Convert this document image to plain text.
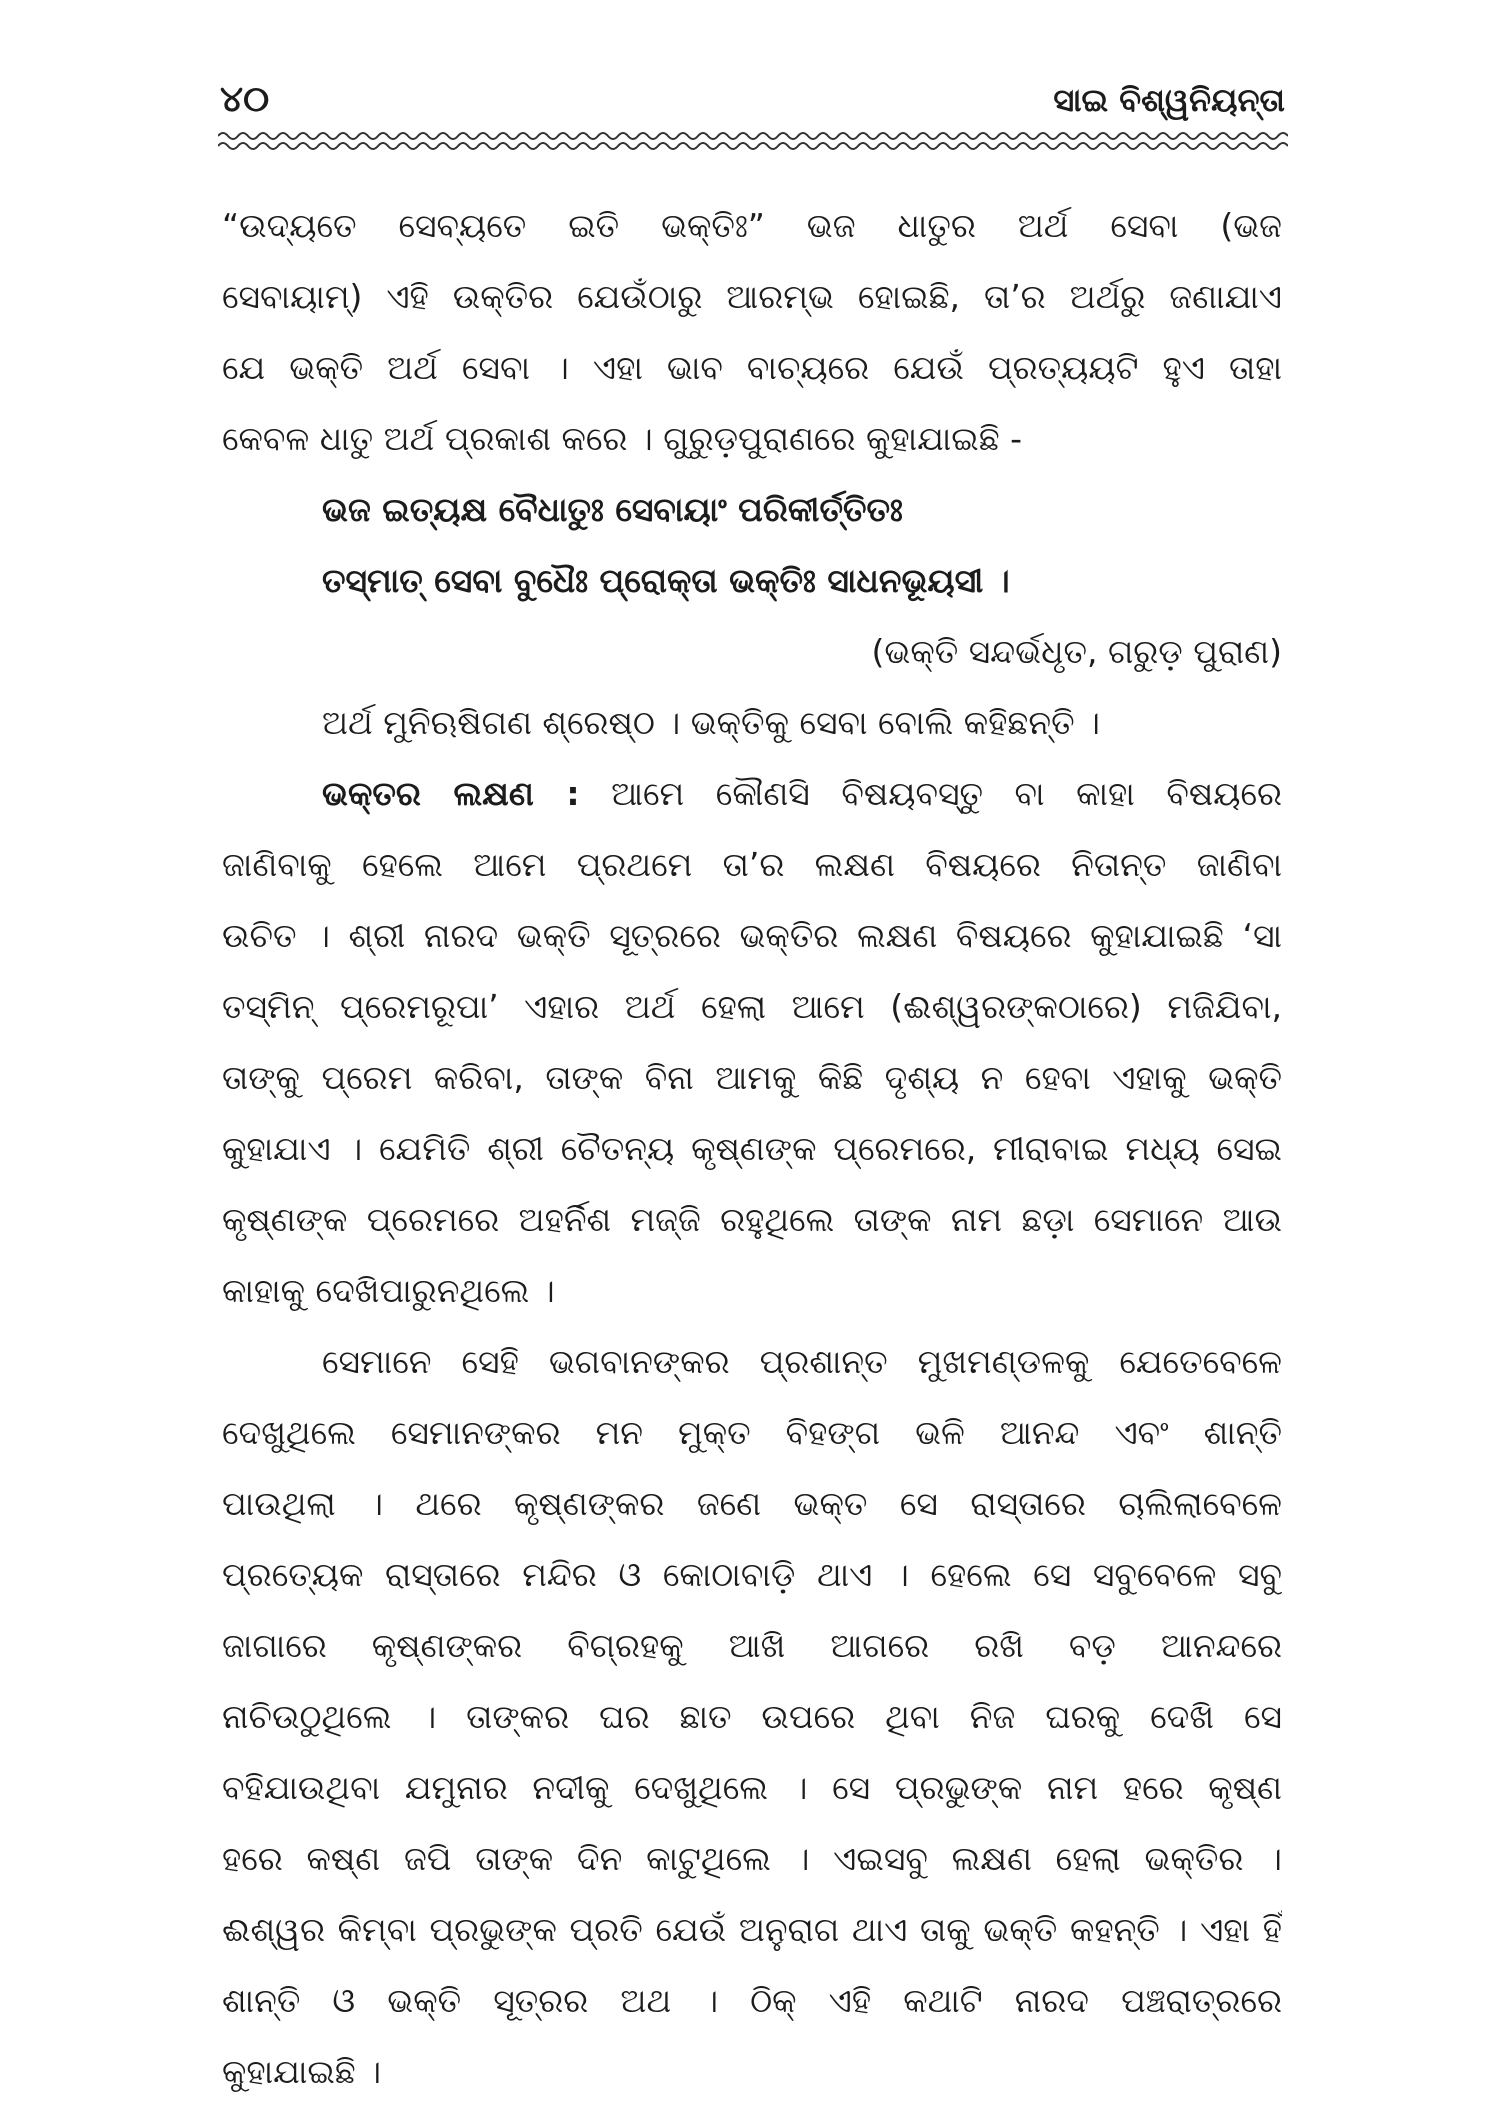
୪୦	ସାଇ ବିଶ୍ୱନିୟନ୍ତା
“ଉଦ୍ୟତେ ସେବ୍ୟତେ ଇତି ଭକ୍ତିଃ” ଭଜ ଧାତୁର ଅର୍ଥ ସେବା (ଭଜ
ସେବାୟାମ୍) ଏହି ଉକ୍ତିର ଯେଉଁଠାରୁ ଆରମ୍ଭ ହୋଇଛି, ତା’ର ଅର୍ଥରୁ ଜଣାଯାଏ
ଯେ ଭକ୍ତି ଅର୍ଥ ସେବା । ଏହା ଭାବ ବାଚ୍ୟରେ ଯେଉଁ ପ୍ରତ୍ୟୟଟି ହୁଏ ତାହା
କେବଳ ଧାତୁ ଅର୍ଥ ପ୍ରକାଶ କରେ । ଗୁରୁଡ଼ପୁରାଣରେ କୁହାଯାଇଛି -
ଭଜ ଇତ୍ୟକ୍ଷ ବୈଧାତୁଃ ସେବାୟାଂ ପରିକୀର୍ତ୍ତିତଃ
ତସ୍ମାତ୍ ସେବା ବୁଧୈଃ ପ୍ରୋକ୍ତା ଭକ୍ତିଃ ସାଧନଭୂୟସୀ ।
(ଭକ୍ତି ସନ୍ଦର୍ଭଧୃତ, ଗରୁଡ଼ ପୁରାଣ)
ଅର୍ଥ ମୁନିଋଷିଗଣ ଶ୍ରେଷ୍ଠ । ଭକ୍ତିକୁ ସେବା ବୋଲି କହିଛନ୍ତି ।
ଭକ୍ତର ଲକ୍ଷଣ : ଆମେ କୌଣସି ବିଷୟବସ୍ତୁ ବା କାହା ବିଷୟରେ
ଜାଣିବାକୁ ହେଲେ ଆମେ ପ୍ରଥମେ ତା’ର ଲକ୍ଷଣ ବିଷୟରେ ନିତାନ୍ତ ଜାଣିବା
ଉଚିତ । ଶ୍ରୀ ନାରଦ ଭକ୍ତି ସୂତ୍ରରେ ଭକ୍ତିର ଲକ୍ଷଣ ବିଷୟରେ କୁହାଯାଇଛି ‘ସା
ତସ୍ମିନ୍ ପ୍ରେମରୂପା’ ଏହାର ଅର୍ଥ ହେଲା ଆମେ (ଈଶ୍ୱରଙ୍କଠାରେ) ମଜିଯିବା,
ତାଙ୍କୁ ପ୍ରେମ କରିବା, ତାଙ୍କ ବିନା ଆମକୁ କିଛି ଦୃଶ୍ୟ ନ ହେବା ଏହାକୁ ଭକ୍ତି
କୁହାଯାଏ । ଯେମିତି ଶ୍ରୀ ଚୈତନ୍ୟ କୃଷ୍ଣଙ୍କ ପ୍ରେମରେ, ମୀରାବାଇ ମଧ୍ୟ ସେଇ
କୃଷ୍ଣଙ୍କ ପ୍ରେମରେ ଅହର୍ନିଶ ମଜ୍ଜି ରହୁଥିଲେ ତାଙ୍କ ନାମ ଛଡ଼ା ସେମାନେ ଆଉ
କାହାକୁ ଦେଖିପାରୁନଥିଲେ ।
ସେମାନେ ସେହି ଭଗବାନଙ୍କର ପ୍ରଶାନ୍ତ ମୁଖମଣ୍ଡଳକୁ ଯେତେବେଳେ
ଦେଖୁଥିଲେ ସେମାନଙ୍କର ମନ ମୁକ୍ତ ବିହଙ୍ଗ ଭଳି ଆନନ୍ଦ ଏବଂ ଶାନ୍ତି
ପାଉଥିଲା । ଥରେ କୃଷ୍ଣଙ୍କର ଜଣେ ଭକ୍ତ ସେ ରାସ୍ତାରେ ଚାଲିଲାବେଳେ
ପ୍ରତ୍ୟେକ ରାସ୍ତାରେ ମନ୍ଦିର ଓ କୋଠାବାଡ଼ି ଥାଏ । ହେଲେ ସେ ସବୁବେଳେ ସବୁ
ଜାଗାରେ କୃଷ୍ଣଙ୍କର ବିଗ୍ରହକୁ ଆଖି ଆଗରେ ରଖି ବଡ଼ ଆନନ୍ଦରେ
ନାଚିଉଠୁଥିଲେ । ତାଙ୍କର ଘର ଛାତ ଉପରେ ଥିବା ନିଜ ଘରକୁ ଦେଖି ସେ
ବହିଯାଉଥିବା ଯମୁନାର ନଦୀକୁ ଦେଖୁଥିଲେ । ସେ ପ୍ରଭୁଙ୍କ ନାମ ହରେ କୃଷ୍ଣ
ହରେ କଷ୍ଣ ଜପି ତାଙ୍କ ଦିନ କାଟୁଥିଲେ । ଏଇସବୁ ଲକ୍ଷଣ ହେଲା ଭକ୍ତିର ।
ଈଶ୍ୱର କିମ୍ବା ପ୍ରଭୁଙ୍କ ପ୍ରତି ଯେଉଁ ଅନୁରାଗ ଥାଏ ତାକୁ ଭକ୍ତି କହନ୍ତି । ଏହା ହିଁ
ଶାନ୍ତି ଓ ଭକ୍ତି ସୂତ୍ରର ଅଥ । ଠିକ୍ ଏହି କଥାଟି ନାରଦ ପଞ୍ଚରାତ୍ରରେ
କୁହାଯାଇଛି ।
